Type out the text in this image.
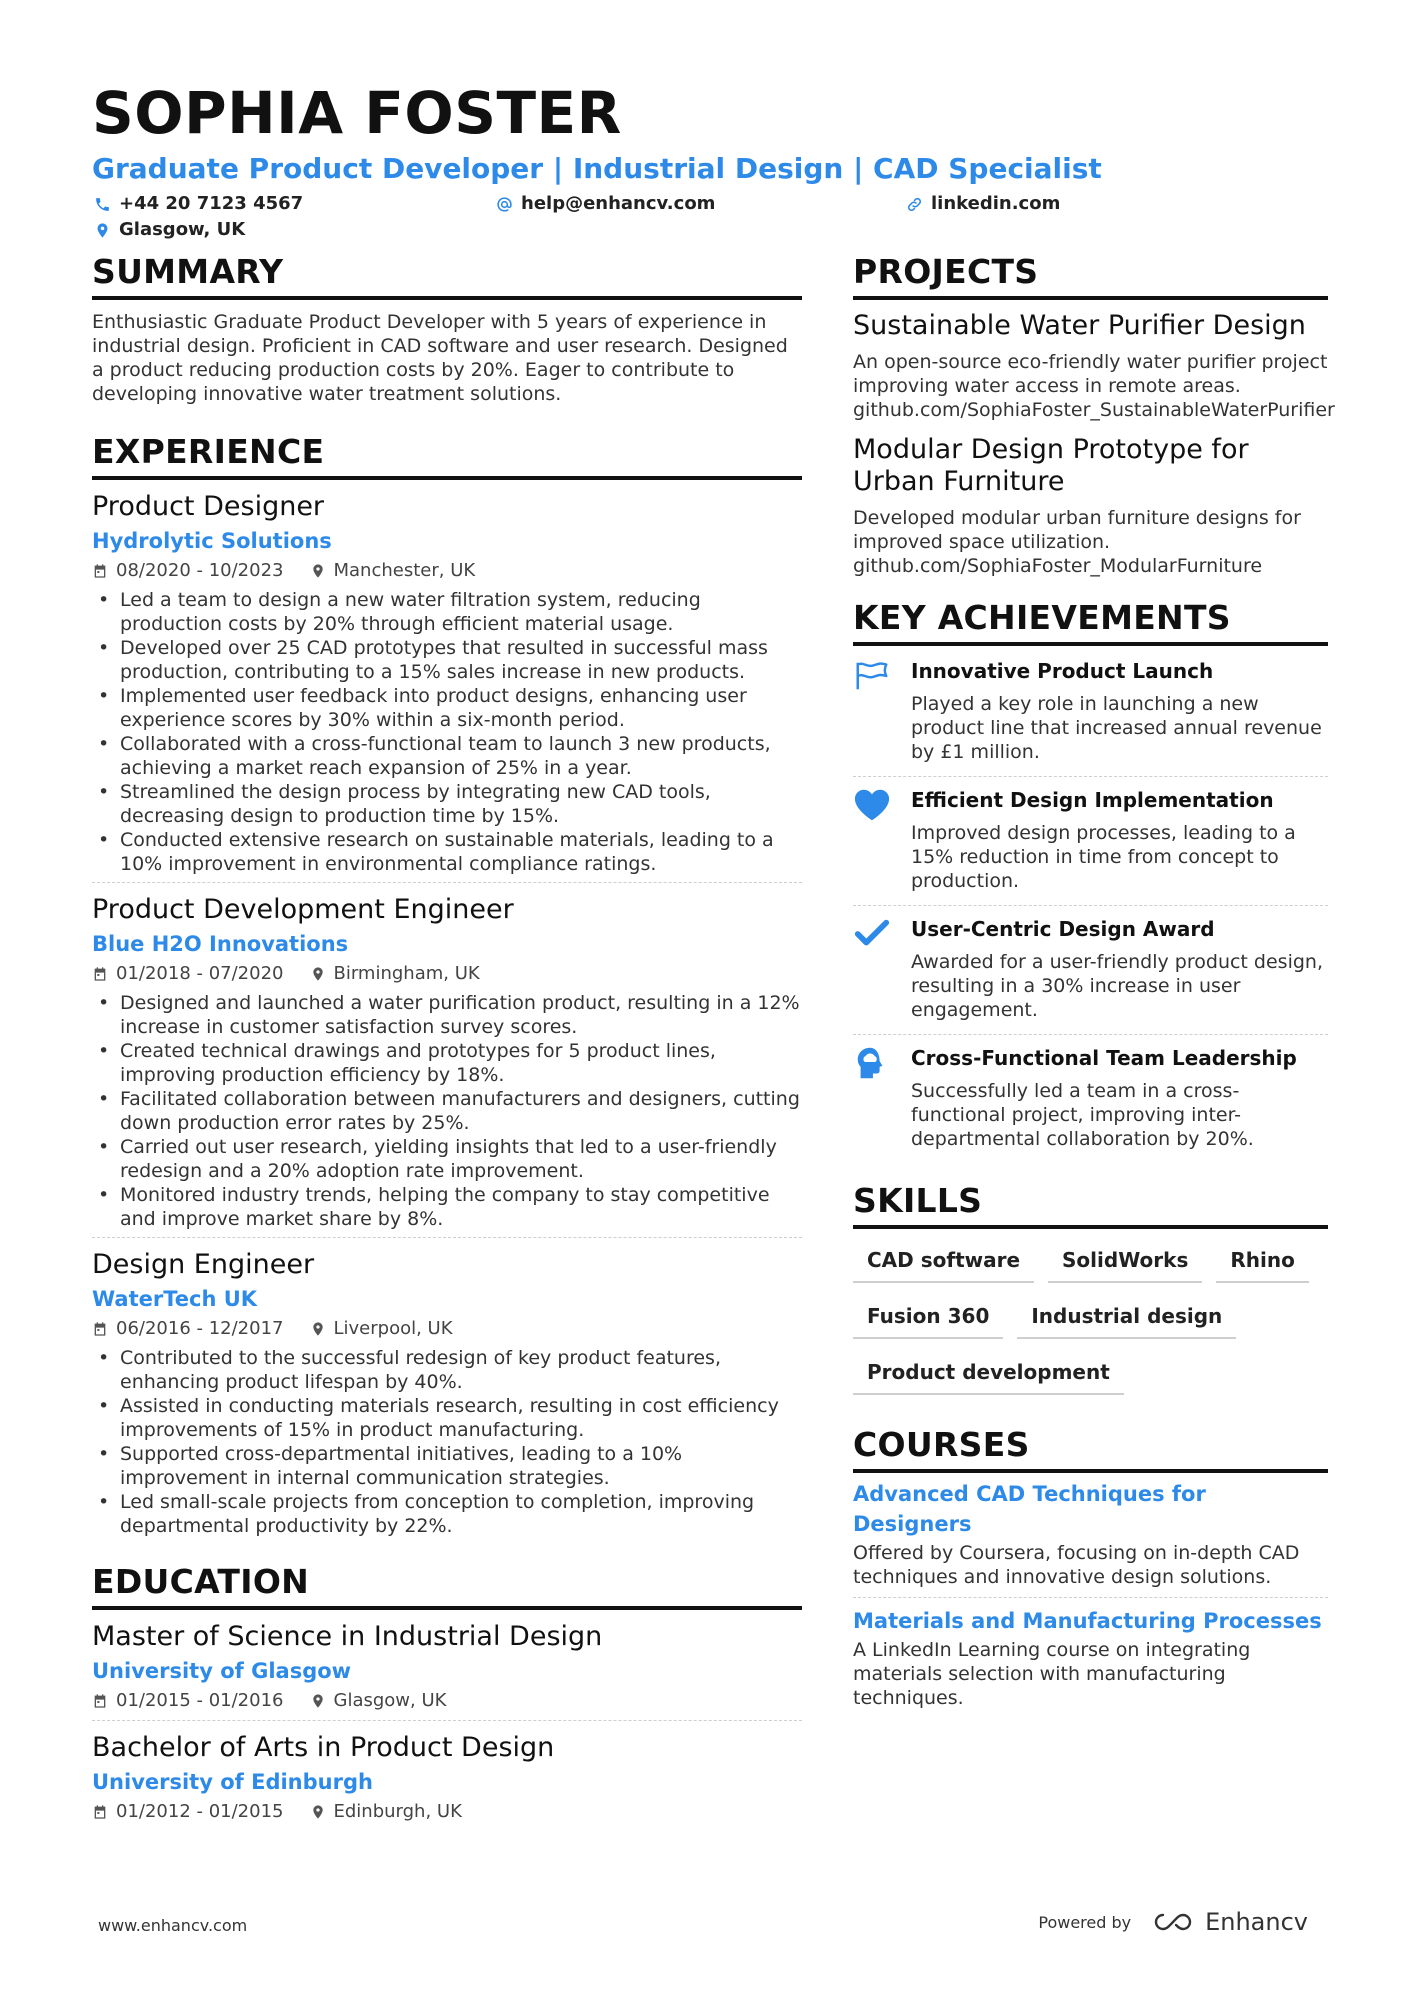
SOPHIA FOSTER
Graduate Product Developer | Industrial Design | CAD Specialist
+44 20 7123 4567	help@enhancv.com	linkedin.com
Glasgow, UK
SUMMARY
Enthusiastic Graduate Product Developer with 5 years of experience in industrial design. Proficient in CAD software and user research. Designed a product reducing production costs by 20%. Eager to contribute to developing innovative water treatment solutions.
EXPERIENCE
Product Designer
Hydrolytic Solutions
08/2020 - 10/2023	Manchester, UK
• Led a team to design a new water filtration system, reducing production costs by 20% through efficient material usage.
• Developed over 25 CAD prototypes that resulted in successful mass production, contributing to a 15% sales increase in new products.
• Implemented user feedback into product designs, enhancing user experience scores by 30% within a six-month period.
• Collaborated with a cross-functional team to launch 3 new products, achieving a market reach expansion of 25% in a year.
• Streamlined the design process by integrating new CAD tools, decreasing design to production time by 15%.
• Conducted extensive research on sustainable materials, leading to a 10% improvement in environmental compliance ratings.
Product Development Engineer
Blue H2O Innovations
01/2018 - 07/2020	Birmingham, UK
• Designed and launched a water purification product, resulting in a 12% increase in customer satisfaction survey scores.
• Created technical drawings and prototypes for 5 product lines, improving production efficiency by 18%.
• Facilitated collaboration between manufacturers and designers, cutting down production error rates by 25%.
• Carried out user research, yielding insights that led to a user-friendly redesign and a 20% adoption rate improvement.
• Monitored industry trends, helping the company to stay competitive and improve market share by 8%.
Design Engineer
WaterTech UK
06/2016 - 12/2017	Liverpool, UK
• Contributed to the successful redesign of key product features, enhancing product lifespan by 40%.
• Assisted in conducting materials research, resulting in cost efficiency improvements of 15% in product manufacturing.
• Supported cross-departmental initiatives, leading to a 10% improvement in internal communication strategies.
• Led small-scale projects from conception to completion, improving departmental productivity by 22%.
EDUCATION
Master of Science in Industrial Design
University of Glasgow
01/2015 - 01/2016	Glasgow, UK
Bachelor of Arts in Product Design
University of Edinburgh
01/2012 - 01/2015	Edinburgh, UK
PROJECTS
Sustainable Water Purifier Design
An open-source eco-friendly water purifier project improving water access in remote areas.
github.com/SophiaFoster_SustainableWaterPurifier
Modular Design Prototype for Urban Furniture
Developed modular urban furniture designs for improved space utilization.
github.com/SophiaFoster_ModularFurniture
KEY ACHIEVEMENTS
Innovative Product Launch
Played a key role in launching a new product line that increased annual revenue by £1 million.
Efficient Design Implementation
Improved design processes, leading to a 15% reduction in time from concept to production.
User-Centric Design Award
Awarded for a user-friendly product design, resulting in a 30% increase in user engagement.
Cross-Functional Team Leadership
Successfully led a team in a cross-functional project, improving inter-departmental collaboration by 20%.
SKILLS
CAD software	SolidWorks	Rhino
Fusion 360	Industrial design
Product development
COURSES
Advanced CAD Techniques for Designers
Offered by Coursera, focusing on in-depth CAD techniques and innovative design solutions.
Materials and Manufacturing Processes
A LinkedIn Learning course on integrating materials selection with manufacturing techniques.
www.enhancv.com	Powered by	Enhancv
